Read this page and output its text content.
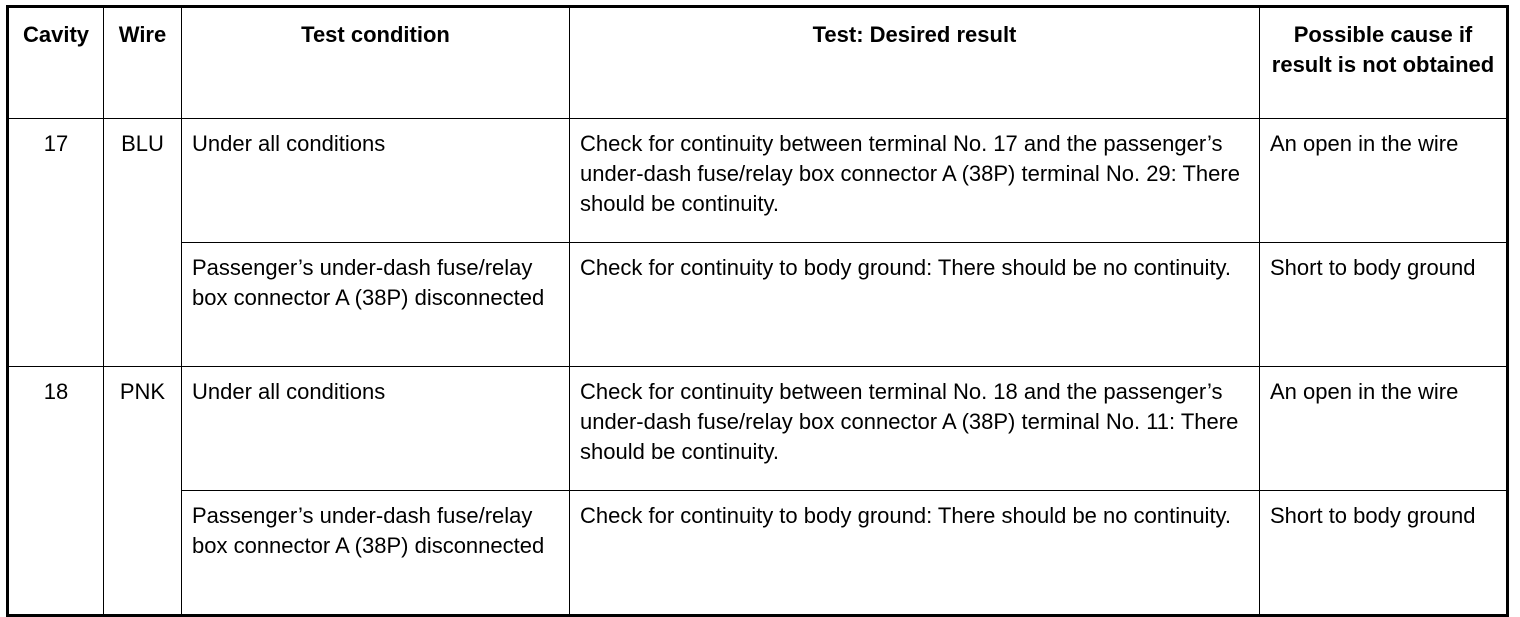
Cavity	Wire	Test condition	Test: Desired result	Possible cause if result is not obtained
17	BLU	Under all conditions	Check for continuity between terminal No. 17 and the passenger’s under-dash fuse/relay box connector A (38P) terminal No. 29: There should be continuity.	An open in the wire
		Passenger’s under-dash fuse/relay box connector A (38P) disconnected	Check for continuity to body ground: There should be no continuity.	Short to body ground
18	PNK	Under all conditions	Check for continuity between terminal No. 18 and the passenger’s under-dash fuse/relay box connector A (38P) terminal No. 11: There should be continuity.	An open in the wire
		Passenger’s under-dash fuse/relay box connector A (38P) disconnected	Check for continuity to body ground: There should be no continuity.	Short to body ground
